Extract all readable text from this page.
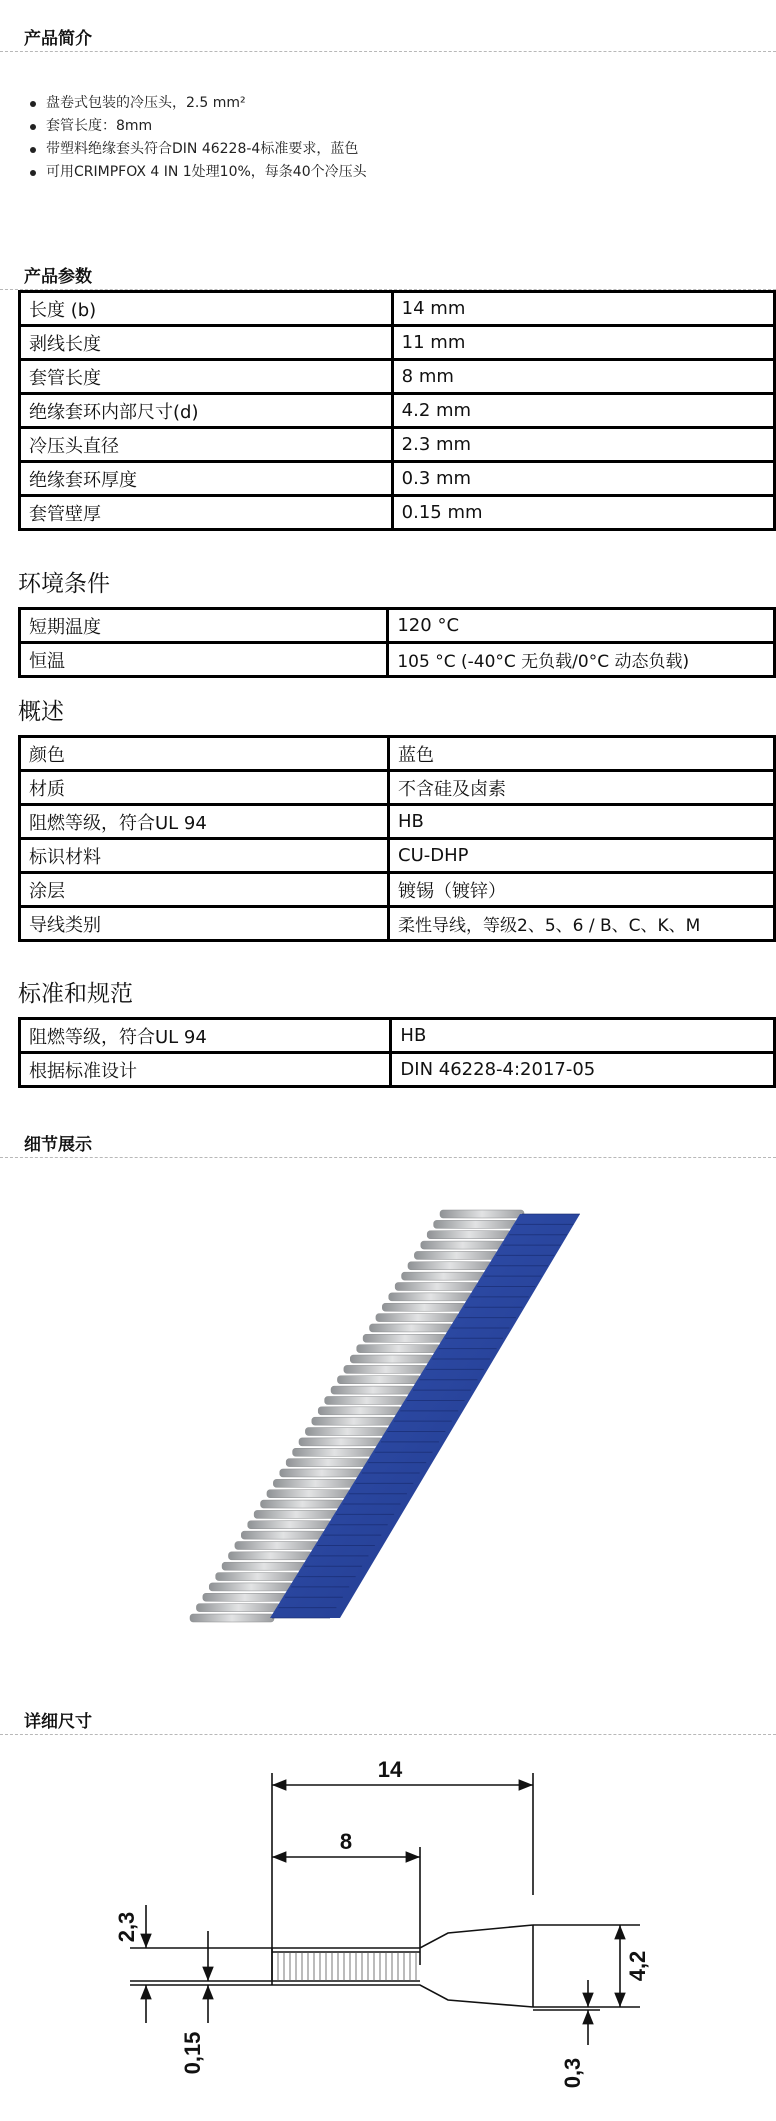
产品简介
盘卷式包装的冷压头，2.5 mm²
套管长度：8mm
带塑料绝缘套头符合DIN 46228-4标准要求，蓝色
可用CRIMPFOX 4 IN 1处理10%，每条40个冷压头
产品参数
长度 (b)	14 mm
剥线长度	11 mm
套管长度	8 mm
绝缘套环内部尺寸(d)	4.2 mm
冷压头直径	2.3 mm
绝缘套环厚度	0.3 mm
套管壁厚	0.15 mm
环境条件
短期温度	120 °C
恒温	105 °C (-40°C 无负载/0°C 动态负载)
概述
颜色	蓝色
材质	不含硅及卤素
阻燃等级，符合UL 94	HB
标识材料	CU-DHP
涂层	镀锡（镀锌）
导线类别	柔性导线，等级2、5、6 / B、C、K、M
标准和规范
阻燃等级，符合UL 94	HB
根据标准设计	DIN 46228-4:2017-05
细节展示
详细尺寸
14
8
2,3
0,15
4,2
0,3
